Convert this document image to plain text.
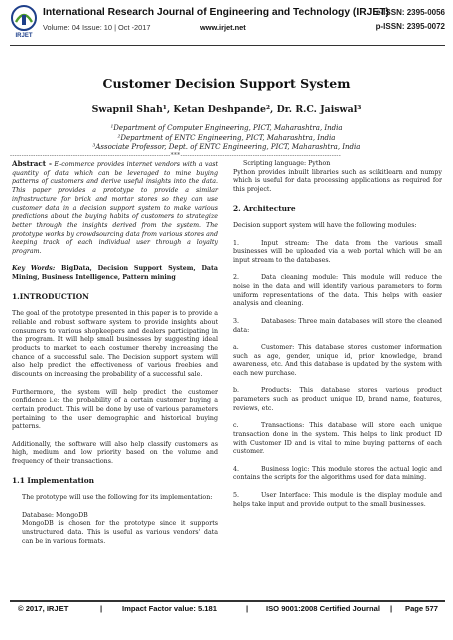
IRJET
International Research Journal of Engineering and Technology (IRJET)
e-ISSN: 2395-0056
Volume: 04 Issue: 10 | Oct -2017	www.irjet.net	p-ISSN: 2395-0072
Customer Decision Support System
Swapnil Shah¹, Ketan Deshpande², Dr. R.C. Jaiswal³
¹Department of Computer Engineering, PICT, Maharashtra, India
²Department of ENTC Engineering, PICT, Maharashtra, India
³Associate Professor, Dept. of ENTC Engineering, PICT, Maharashtra, India
---------------------------------------------------------------------***---------------------------------------------------------------------

Abstract - E-commerce provides internet vendors with a vast quantity of data which can be leveraged to mine buying patterns of customers and derive useful insights into the data. This paper provides a prototype to provide a similar infrastructure for brick and mortar stores so they can use customer data in a decision support system to make various predictions about the buying habits of customers to strategize better through the insights derived from the system. The prototype works by crowdsourcing data from various stores and keeping track of each individual user through a loyalty program.

Key Words: BigData, Decision Support System, Data Mining, Business Intelligence, Pattern mining

1.INTRODUCTION

The goal of the prototype presented in this paper is to provide a reliable and robust software system to provide insights about consumers to various shopkeepers and dealers participating in the program. It will help small businesses by suggesting ideal products to market to each costumer thereby increasing the chance of a successful sale. The Decision support system will also help predict the effectiveness of various freebies and discounts on increasing the probability of a successful sale.

Furthermore, the system will help predict the customer confidence i.e: the probability of a certain customer buying a certain product. This will be done by use of various parameters pertaining to the user demographic and historical buying patterns.

Additionally, the software will also help classify customers as high, medium and low priority based on the volume and frequency of their transactions.

1.1 Implementation

The prototype will use the following for its implementation:

Database: MongoDB

MongoDB is chosen for the prototype since it supports unstructured data. This is useful as various vendors' data can be in various formats.

Scripting language: Python

Python provides inbuilt libraries such as scikitlearn and numpy which is useful for data processing applications as required for this project.

2. Architecture

Decision support system will have the following modules:

1.	Input stream: The data from the various small businesses will be uploaded via a web portal which will be an input stream to the databases.

2.	Data cleaning module: This module will reduce the noise in the data and will identify various parameters to form uniform representations of the data. This helps with easier analysis and cleaning.

3.	Databases: Three main databases will store the cleaned data:

a.	Customer: This database stores customer information such as age, gender, unique id, prior knowledge, brand awareness, etc. And this database is updated by the system with each new purchase.

b.	Products: This database stores various product parameters such as product unique ID, brand name, features, reviews, etc.

c.	Transactions: This database will store each unique transaction done in the system. This helps to link product ID with Customer ID and is vital to mine buying patterns of each customer.

4.	Business logic: This module stores the actual logic and contains the scripts for the algorithms used for data mining.

5.	User Interface: This module is the display module and helps take input and provide output to the small businesses.

© 2017, IRJET	|	Impact Factor value: 5.181	| ISO 9001:2008 Certified Journal | Page 577
